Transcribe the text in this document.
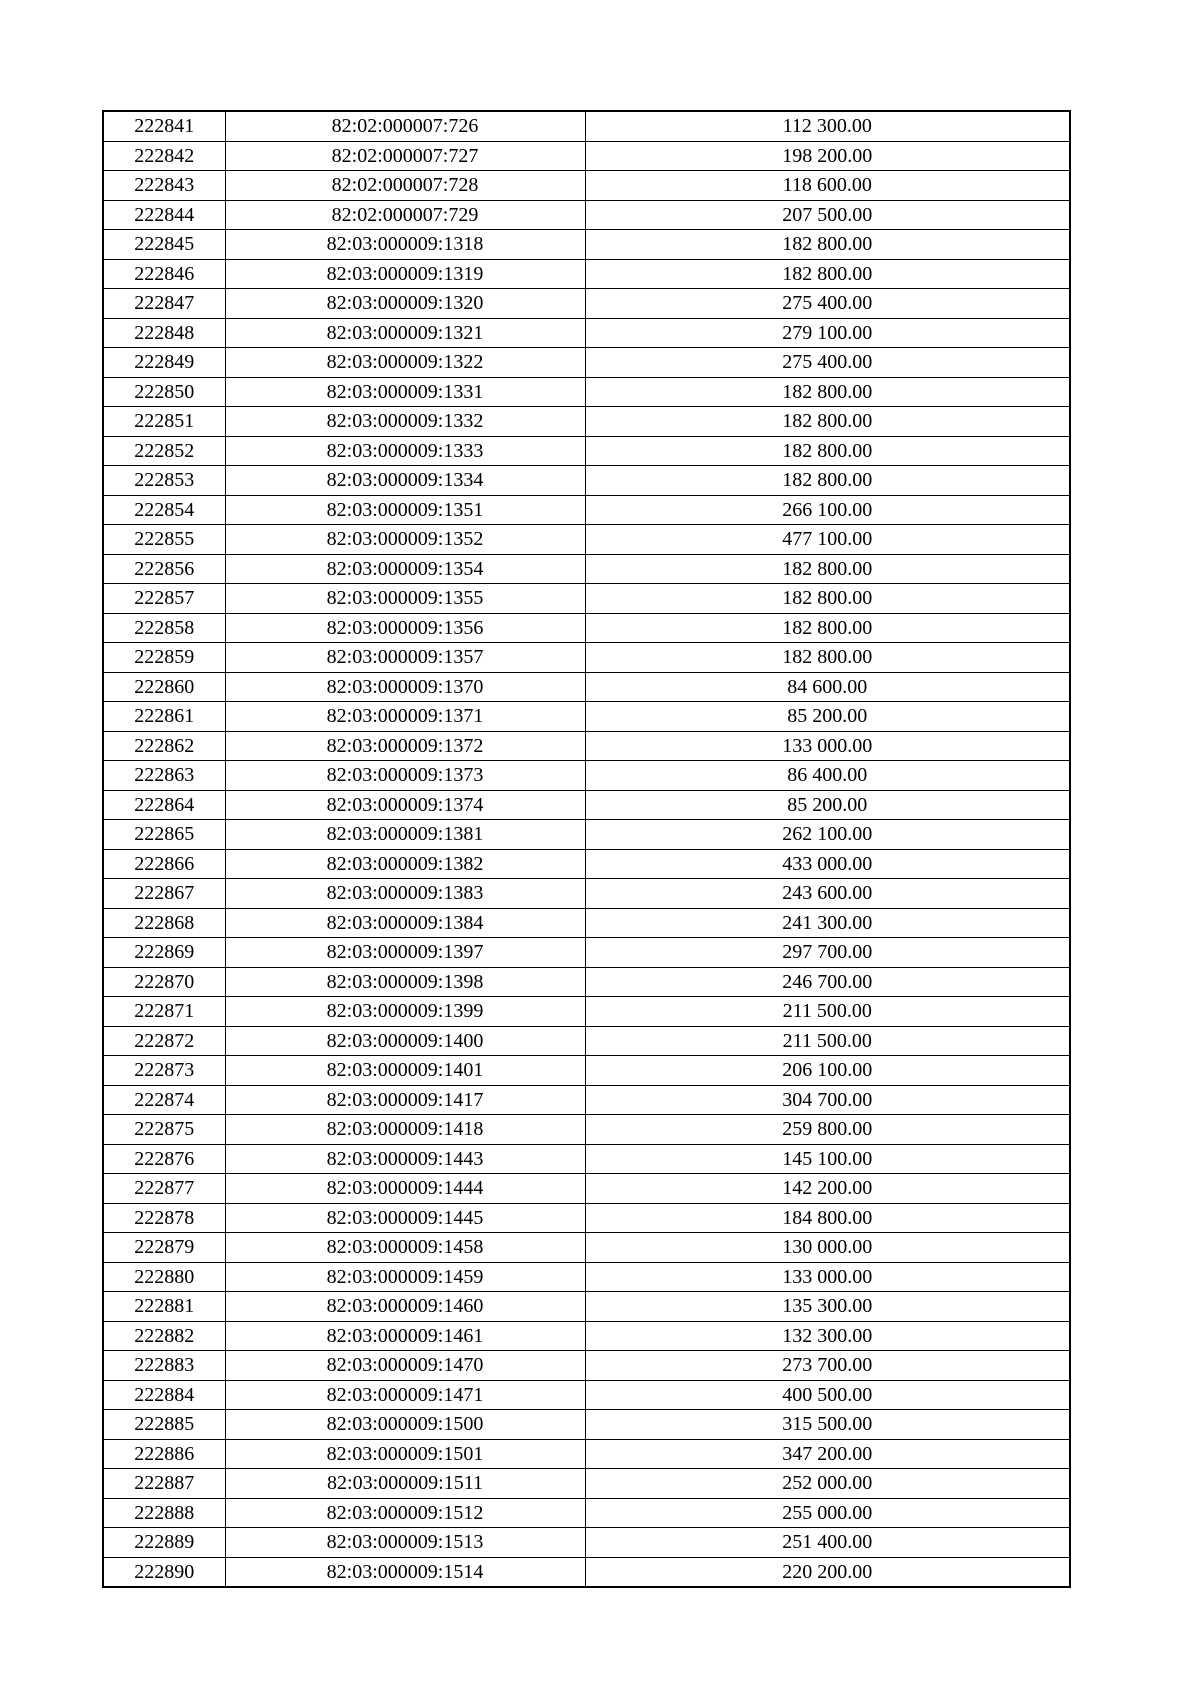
222841	82:02:000007:726	112 300.00
222842	82:02:000007:727	198 200.00
222843	82:02:000007:728	118 600.00
222844	82:02:000007:729	207 500.00
222845	82:03:000009:1318	182 800.00
222846	82:03:000009:1319	182 800.00
222847	82:03:000009:1320	275 400.00
222848	82:03:000009:1321	279 100.00
222849	82:03:000009:1322	275 400.00
222850	82:03:000009:1331	182 800.00
222851	82:03:000009:1332	182 800.00
222852	82:03:000009:1333	182 800.00
222853	82:03:000009:1334	182 800.00
222854	82:03:000009:1351	266 100.00
222855	82:03:000009:1352	477 100.00
222856	82:03:000009:1354	182 800.00
222857	82:03:000009:1355	182 800.00
222858	82:03:000009:1356	182 800.00
222859	82:03:000009:1357	182 800.00
222860	82:03:000009:1370	84 600.00
222861	82:03:000009:1371	85 200.00
222862	82:03:000009:1372	133 000.00
222863	82:03:000009:1373	86 400.00
222864	82:03:000009:1374	85 200.00
222865	82:03:000009:1381	262 100.00
222866	82:03:000009:1382	433 000.00
222867	82:03:000009:1383	243 600.00
222868	82:03:000009:1384	241 300.00
222869	82:03:000009:1397	297 700.00
222870	82:03:000009:1398	246 700.00
222871	82:03:000009:1399	211 500.00
222872	82:03:000009:1400	211 500.00
222873	82:03:000009:1401	206 100.00
222874	82:03:000009:1417	304 700.00
222875	82:03:000009:1418	259 800.00
222876	82:03:000009:1443	145 100.00
222877	82:03:000009:1444	142 200.00
222878	82:03:000009:1445	184 800.00
222879	82:03:000009:1458	130 000.00
222880	82:03:000009:1459	133 000.00
222881	82:03:000009:1460	135 300.00
222882	82:03:000009:1461	132 300.00
222883	82:03:000009:1470	273 700.00
222884	82:03:000009:1471	400 500.00
222885	82:03:000009:1500	315 500.00
222886	82:03:000009:1501	347 200.00
222887	82:03:000009:1511	252 000.00
222888	82:03:000009:1512	255 000.00
222889	82:03:000009:1513	251 400.00
222890	82:03:000009:1514	220 200.00
